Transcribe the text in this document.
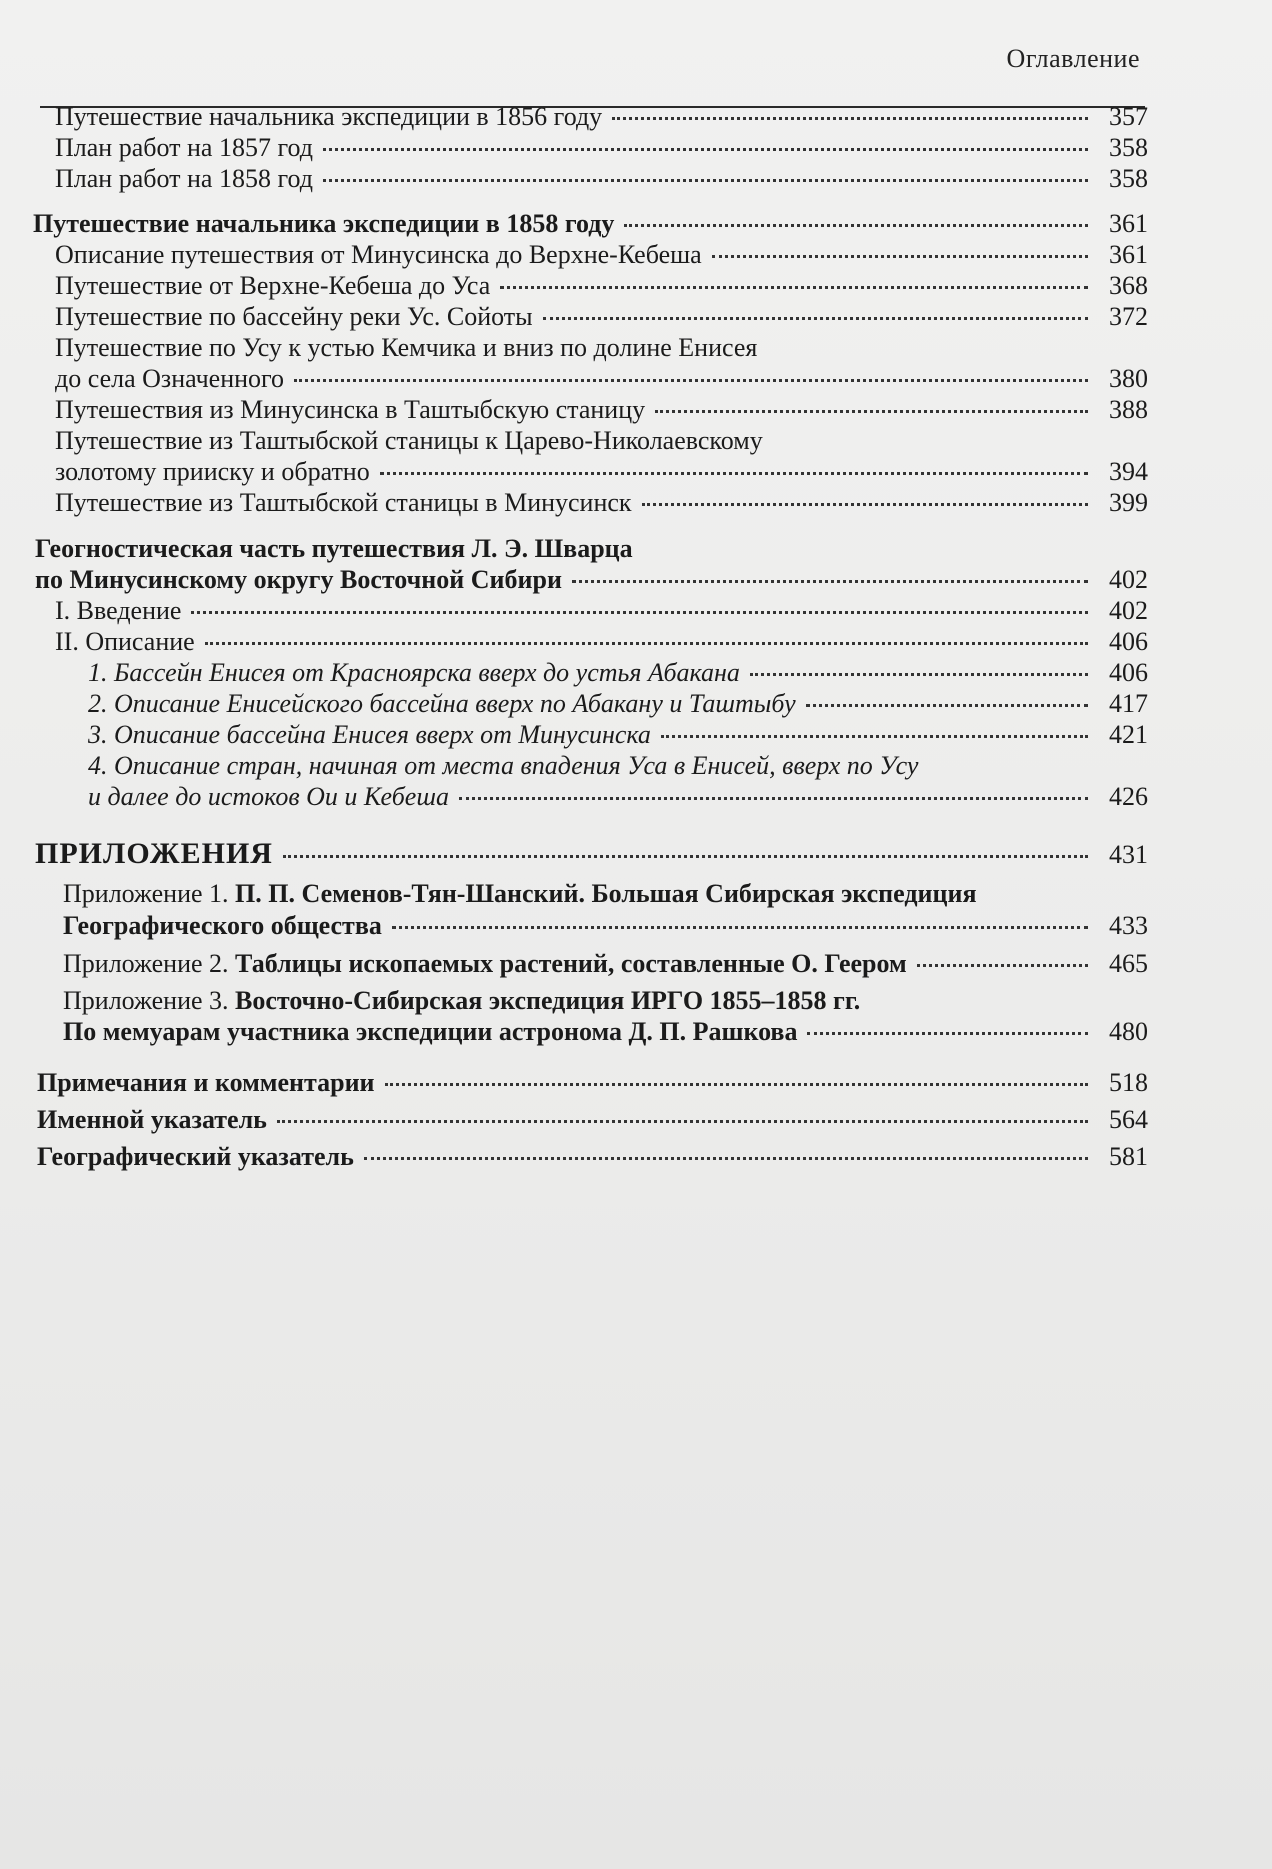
Оглавление
Путешествие начальника экспедиции в 1856 году	357
План работ на 1857 год	358
План работ на 1858 год	358
Путешествие начальника экспедиции в 1858 году	361
Описание путешествия от Минусинска до Верхне-Кебеша	361
Путешествие от Верхне-Кебеша до Уса	368
Путешествие по бассейну реки Ус. Сойоты	372
Путешествие по Усу к устью Кемчика и вниз по долине Енисея
до села Означенного	380
Путешествия из Минусинска в Таштыбскую станицу	388
Путешествие из Таштыбской станицы к Царево-Николаевскому
золотому прииску и обратно	394
Путешествие из Таштыбской станицы в Минусинск	399
Геогностическая часть путешествия Л. Э. Шварца
по Минусинскому округу Восточной Сибири	402
I. Введение	402
II. Описание	406
1. Бассейн Енисея от Красноярска вверх до устья Абакана	406
2. Описание Енисейского бассейна вверх по Абакану и Таштыбу	417
3. Описание бассейна Енисея вверх от Минусинска	421
4. Описание стран, начиная от места впадения Уса в Енисей, вверх по Усу
и далее до истоков Ои и Кебеша	426
ПРИЛОЖЕНИЯ	431
Приложение 1. П. П. Семенов-Тян-Шанский. Большая Сибирская экспедиция
Географического общества	433
Приложение 2. Таблицы ископаемых растений, составленные О. Геером	465
Приложение 3. Восточно-Сибирская экспедиция ИРГО 1855–1858 гг.
По мемуарам участника экспедиции астронома Д. П. Рашкова	480
Примечания и комментарии	518
Именной указатель	564
Географический указатель	581
